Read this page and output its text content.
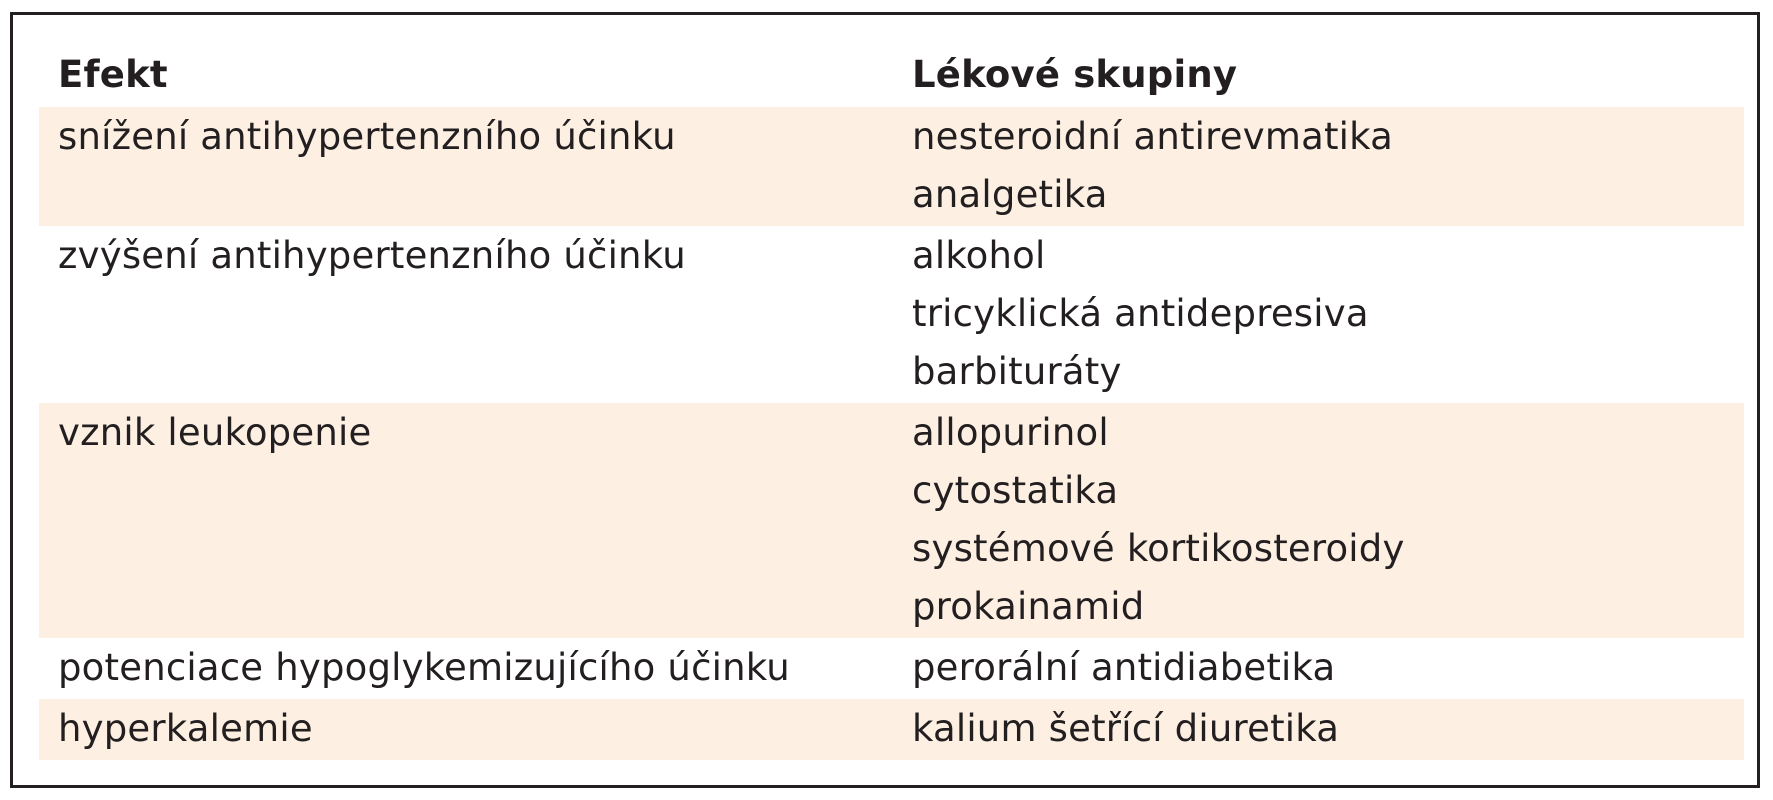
Efekt	Lékové skupiny
snížení antihypertenzního účinku	nesteroidní antirevmatika
analgetika

zvýšení antihypertenzního účinku	alkohol
tricyklická antidepresiva
barbituráty

vznik leukopenie	allopurinol
cytostatika
systémové kortikosteroidy
prokainamid

potenciace hypoglykemizujícího účinku	perorální antidiabetika

hyperkalemie	kalium šetřící diuretika
